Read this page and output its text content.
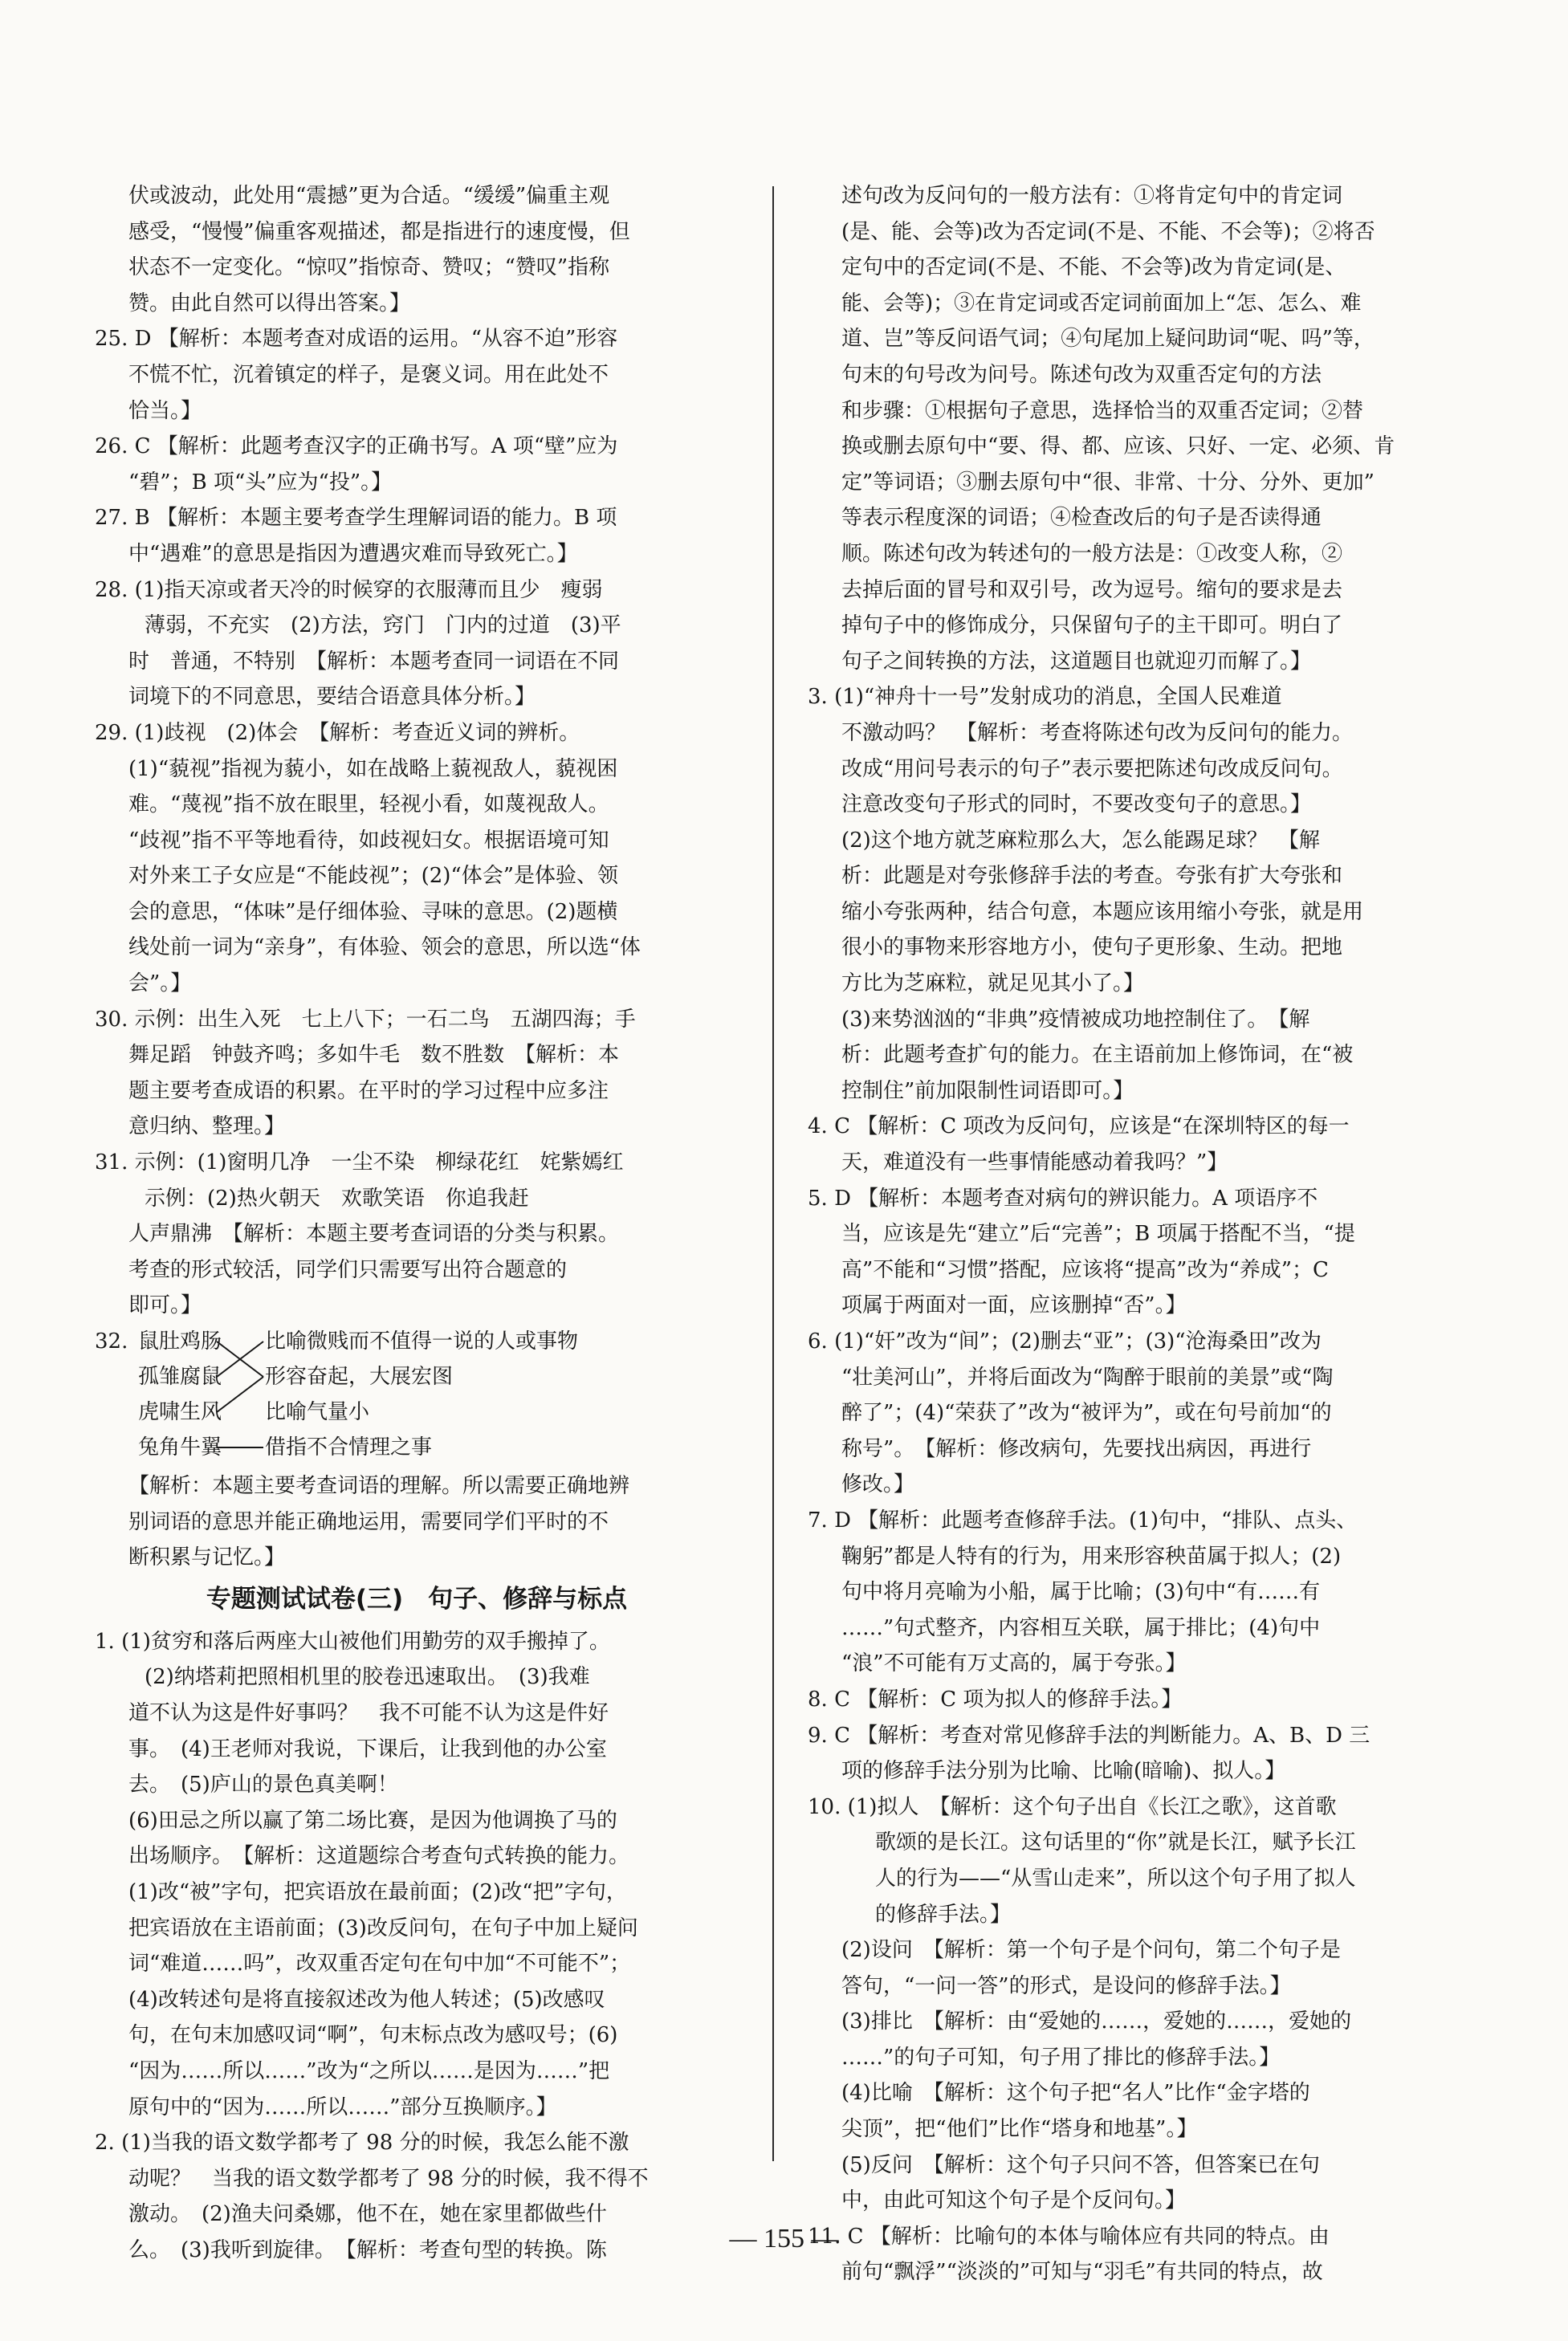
伏或波动，此处用“震撼”更为合适。“缓缓”偏重主观

感受，“慢慢”偏重客观描述，都是指进行的速度慢，但

状态不一定变化。“惊叹”指惊奇、赞叹；“赞叹”指称

赞。由此自然可以得出答案。】

25. D 【解析：本题考查对成语的运用。“从容不迫”形容

不慌不忙，沉着镇定的样子，是褒义词。用在此处不

恰当。】

26. C 【解析：此题考查汉字的正确书写。A 项“壁”应为

“碧”；B 项“头”应为“投”。】

27. B 【解析：本题主要考查学生理解词语的能力。B 项

中“遇难”的意思是指因为遭遇灾难而导致死亡。】

28. (1)指天凉或者天冷的时候穿的衣服薄而且少　瘦弱

薄弱，不充实　(2)方法，窍门　门内的过道　(3)平

时　普通，不特别　【解析：本题考查同一词语在不同

词境下的不同意思，要结合语意具体分析。】

29. (1)歧视　(2)体会　【解析：考查近义词的辨析。

(1)“藐视”指视为藐小，如在战略上藐视敌人，藐视困

难。“蔑视”指不放在眼里，轻视小看，如蔑视敌人。

“歧视”指不平等地看待，如歧视妇女。根据语境可知

对外来工子女应是“不能歧视”；(2)“体会”是体验、领

会的意思，“体味”是仔细体验、寻味的意思。(2)题横

线处前一词为“亲身”，有体验、领会的意思，所以选“体

会”。】

30. 示例：出生入死　七上八下；一石二鸟　五湖四海；手

舞足蹈　钟鼓齐鸣；多如牛毛　数不胜数　【解析：本

题主要考查成语的积累。在平时的学习过程中应多注

意归纳、整理。】

31. 示例：(1)窗明几净　一尘不染　柳绿花红　姹紫嫣红

示例：(2)热火朝天　欢歌笑语　你追我赶

人声鼎沸　【解析：本题主要考查词语的分类与积累。

考查的形式较活，同学们只需要写出符合题意的

即可。】

32. 鼠肚鸡肠
孤雏腐鼠
虎啸生风
兔角牛翼
比喻微贱而不值得一说的人或事物
形容奋起，大展宏图
比喻气量小
借指不合情理之事

【解析：本题主要考查词语的理解。所以需要正确地辨

别词语的意思并能正确地运用，需要同学们平时的不

断积累与记忆。】

专题测试试卷(三)　句子、修辞与标点

1. (1)贫穷和落后两座大山被他们用勤劳的双手搬掉了。

(2)纳塔莉把照相机里的胶卷迅速取出。　(3)我难

道不认为这是件好事吗？　我不可能不认为这是件好

事。　(4)王老师对我说，下课后，让我到他的办公室

去。　(5)庐山的景色真美啊！

(6)田忌之所以赢了第二场比赛，是因为他调换了马的

出场顺序。　【解析：这道题综合考查句式转换的能力。

(1)改“被”字句，把宾语放在最前面；(2)改“把”字句，

把宾语放在主语前面；(3)改反问句，在句子中加上疑问

词“难道……吗”，改双重否定句在句中加“不可能不”；

(4)改转述句是将直接叙述改为他人转述；(5)改感叹

句，在句末加感叹词“啊”，句末标点改为感叹号；(6)

“因为……所以……”改为“之所以……是因为……”把

原句中的“因为……所以……”部分互换顺序。】

2. (1)当我的语文数学都考了 98 分的时候，我怎么能不激

动呢？　当我的语文数学都考了 98 分的时候，我不得不

激动。　(2)渔夫问桑娜，他不在，她在家里都做些什

么。　(3)我听到旋律。　【解析：考查句型的转换。陈

述句改为反问句的一般方法有：①将肯定句中的肯定词

(是、能、会等)改为否定词(不是、不能、不会等)；②将否

定句中的否定词(不是、不能、不会等)改为肯定词(是、

能、会等)；③在肯定词或否定词前面加上“怎、怎么、难

道、岂”等反问语气词；④句尾加上疑问助词“呢、吗”等，

句末的句号改为问号。陈述句改为双重否定句的方法

和步骤：①根据句子意思，选择恰当的双重否定词；②替

换或删去原句中“要、得、都、应该、只好、一定、必须、肯

定”等词语；③删去原句中“很、非常、十分、分外、更加”

等表示程度深的词语；④检查改后的句子是否读得通

顺。陈述句改为转述句的一般方法是：①改变人称，②

去掉后面的冒号和双引号，改为逗号。缩句的要求是去

掉句子中的修饰成分，只保留句子的主干即可。明白了

句子之间转换的方法，这道题目也就迎刃而解了。】

3. (1)“神舟十一号”发射成功的消息，全国人民难道

不激动吗？　【解析：考查将陈述句改为反问句的能力。

改成“用问号表示的句子”表示要把陈述句改成反问句。

注意改变句子形式的同时，不要改变句子的意思。】

(2)这个地方就芝麻粒那么大，怎么能踢足球？　【解

析：此题是对夸张修辞手法的考查。夸张有扩大夸张和

缩小夸张两种，结合句意，本题应该用缩小夸张，就是用

很小的事物来形容地方小，使句子更形象、生动。把地

方比为芝麻粒，就足见其小了。】

(3)来势汹汹的“非典”疫情被成功地控制住了。　【解

析：此题考查扩句的能力。在主语前加上修饰词，在“被

控制住”前加限制性词语即可。】

4. C 【解析：C 项改为反问句，应该是“在深圳特区的每一

天，难道没有一些事情能感动着我吗？”】

5. D 【解析：本题考查对病句的辨识能力。A 项语序不

当，应该是先“建立”后“完善”；B 项属于搭配不当，“提

高”不能和“习惯”搭配，应该将“提高”改为“养成”；C

项属于两面对一面，应该删掉“否”。】

6. (1)“奸”改为“间”；(2)删去“亚”；(3)“沧海桑田”改为

“壮美河山”，并将后面改为“陶醉于眼前的美景”或“陶

醉了”；(4)“荣获了”改为“被评为”，或在句号前加“的

称号”。　【解析：修改病句，先要找出病因，再进行

修改。】

7. D 【解析：此题考查修辞手法。(1)句中，“排队、点头、

鞠躬”都是人特有的行为，用来形容秧苗属于拟人；(2)

句中将月亮喻为小船，属于比喻；(3)句中“有……有

……”句式整齐，内容相互关联，属于排比；(4)句中

“浪”不可能有万丈高的，属于夸张。】

8. C 【解析：C 项为拟人的修辞手法。】

9. C 【解析：考查对常见修辞手法的判断能力。A、B、D 三

项的修辞手法分别为比喻、比喻(暗喻)、拟人。】

10. (1)拟人　【解析：这个句子出自《长江之歌》，这首歌

歌颂的是长江。这句话里的“你”就是长江，赋予长江

人的行为——“从雪山走来”，所以这个句子用了拟人

的修辞手法。】

(2)设问　【解析：第一个句子是个问句，第二个句子是

答句，“一问一答”的形式，是设问的修辞手法。】

(3)排比　【解析：由“爱她的……，爱她的……，爱她的

……”的句子可知，句子用了排比的修辞手法。】

(4)比喻　【解析：这个句子把“名人”比作“金字塔的

尖顶”，把“他们”比作“塔身和地基”。】

(5)反问　【解析：这个句子只问不答，但答案已在句

中，由此可知这个句子是个反问句。】

11. C 【解析：比喻句的本体与喻体应有共同的特点。由

前句“飘浮”“淡淡的”可知与“羽毛”有共同的特点，故

— 155 —
